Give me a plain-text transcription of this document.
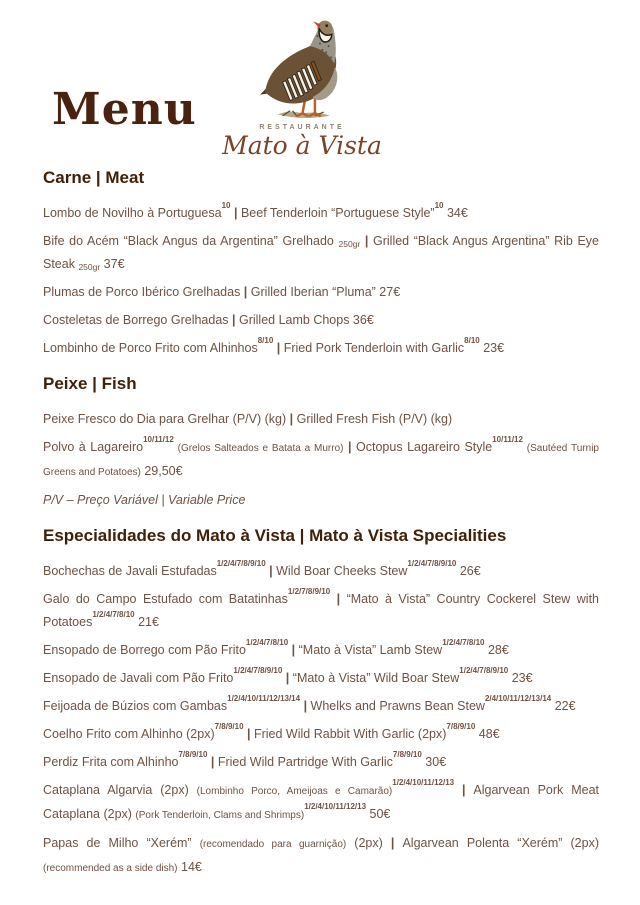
Menu	RESTAURANTE
Mato à Vista
Carne | Meat

Lombo de Novilho à Portuguesa$^{10}$ | Beef Tenderloin “Portuguese Style”$^{10}$ 34€

Bife do Acém “Black Angus da Argentina” Grelhado $_{250gr}$ | Grilled “Black Angus Argentina” Rib Eye Steak $_{250gr}$ 37€

Plumas de Porco Ibérico Grelhadas | Grilled Iberian “Pluma” 27€

Costeletas de Borrego Grelhadas | Grilled Lamb Chops 36€

Lombinho de Porco Frito com Alhinhos$^{8/10}$ | Fried Pork Tenderloin with Garlic$^{8/10}$ 23€

Peixe | Fish

Peixe Fresco do Dia para Grelhar (P/V) (kg) | Grilled Fresh Fish (P/V) (kg)

Polvo à Lagareiro$^{10/11/12}$ (Grelos Salteados e Batata a Murro) | Octopus Lagareiro Style$^{10/11/12}$ (Sautéed Turnip Greens and Potatoes) 29,50€

P/V – Preço Variável | Variable Price

Especialidades do Mato à Vista | Mato à Vista Specialities

Bochechas de Javali Estufadas$^{1/2/4/7/8/9/10}$ | Wild Boar Cheeks Stew$^{1/2/4/7/8/9/10}$ 26€

Galo do Campo Estufado com Batatinhas$^{1/2/7/8/9/10}$ | “Mato à Vista” Country Cockerel Stew with Potatoes$^{1/2/4/7/8/10}$ 21€

Ensopado de Borrego com Pão Frito$^{1/2/4/7/8/10}$ | “Mato à Vista” Lamb Stew$^{1/2/4/7/8/10}$ 28€

Ensopado de Javali com Pão Frito$^{1/2/4/7/8/9/10}$ | “Mato à Vista” Wild Boar Stew$^{1/2/4/7/8/9/10}$ 23€

Feijoada de Búzios com Gambas$^{1/2/4/10/11/12/13/14}$ | Whelks and Prawns Bean Stew$^{2/4/10/11/12/13/14}$ 22€

Coelho Frito com Alhinho $(2px)^{7/8/9/10}$ | Fried Wild Rabbit With Garlic $(2px)^{7/8/9/10}$ 48€

Perdiz Frita com Alhinho$^{7/8/9/10}$ | Fried Wild Partridge With Garlic$^{7/8/9/10}$ 30€

Cataplana Algarvia (2px) (Lombinho Porco, Ameijoas e Camarão)$^{1/2/4/10/11/12/13}$ | Algarvean Pork Meat Cataplana (2px) (Pork Tenderloin, Clams and Shrimps)$^{1/2/4/10/11/12/13}$ 50€

Papas de Milho “Xerém” (recomendado para guarnição) (2px) | Algarvean Polenta “Xerém” (2px) (recommended as a side dish) 14€
